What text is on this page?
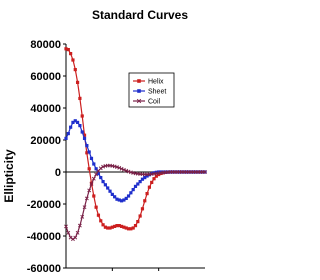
Standard Curves
Ellipticity
80000
60000
40000
20000
0
-20000
-40000
-60000
Helix
Sheet
Coil
